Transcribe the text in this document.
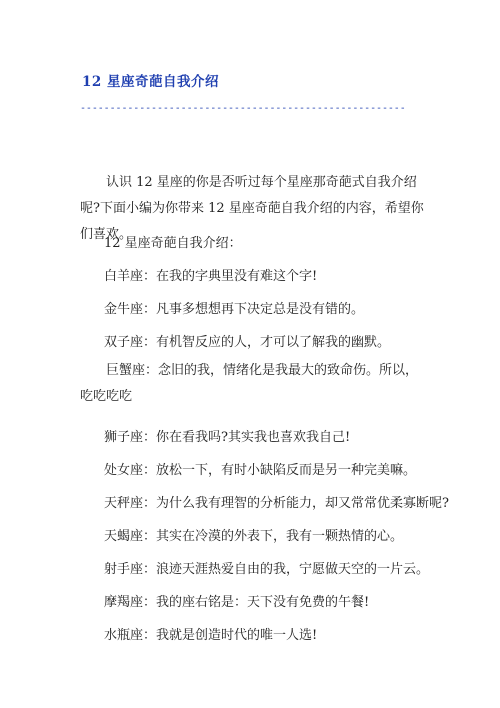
12 星座奇葩自我介绍
-------------------------------------------------------

认识 12 星座的你是否听过每个星座那奇葩式自我介绍呢?下面小编为你带来 12 星座奇葩自我介绍的内容，希望你们喜欢。

12 星座奇葩自我介绍：
白羊座：在我的字典里没有难这个字!
金牛座：凡事多想想再下决定总是没有错的。
双子座：有机智反应的人，才可以了解我的幽默。

巨蟹座：念旧的我，情绪化是我最大的致命伤。所以，吃吃吃吃

狮子座：你在看我吗?其实我也喜欢我自己!
处女座：放松一下，有时小缺陷反而是另一种完美嘛。
天秤座：为什么我有理智的分析能力，却又常常优柔寡断呢?
天蝎座：其实在冷漠的外表下，我有一颗热情的心。
射手座：浪迹天涯热爱自由的我，宁愿做天空的一片云。
摩羯座：我的座右铭是：天下没有免费的午餐!
水瓶座：我就是创造时代的唯一人选!
